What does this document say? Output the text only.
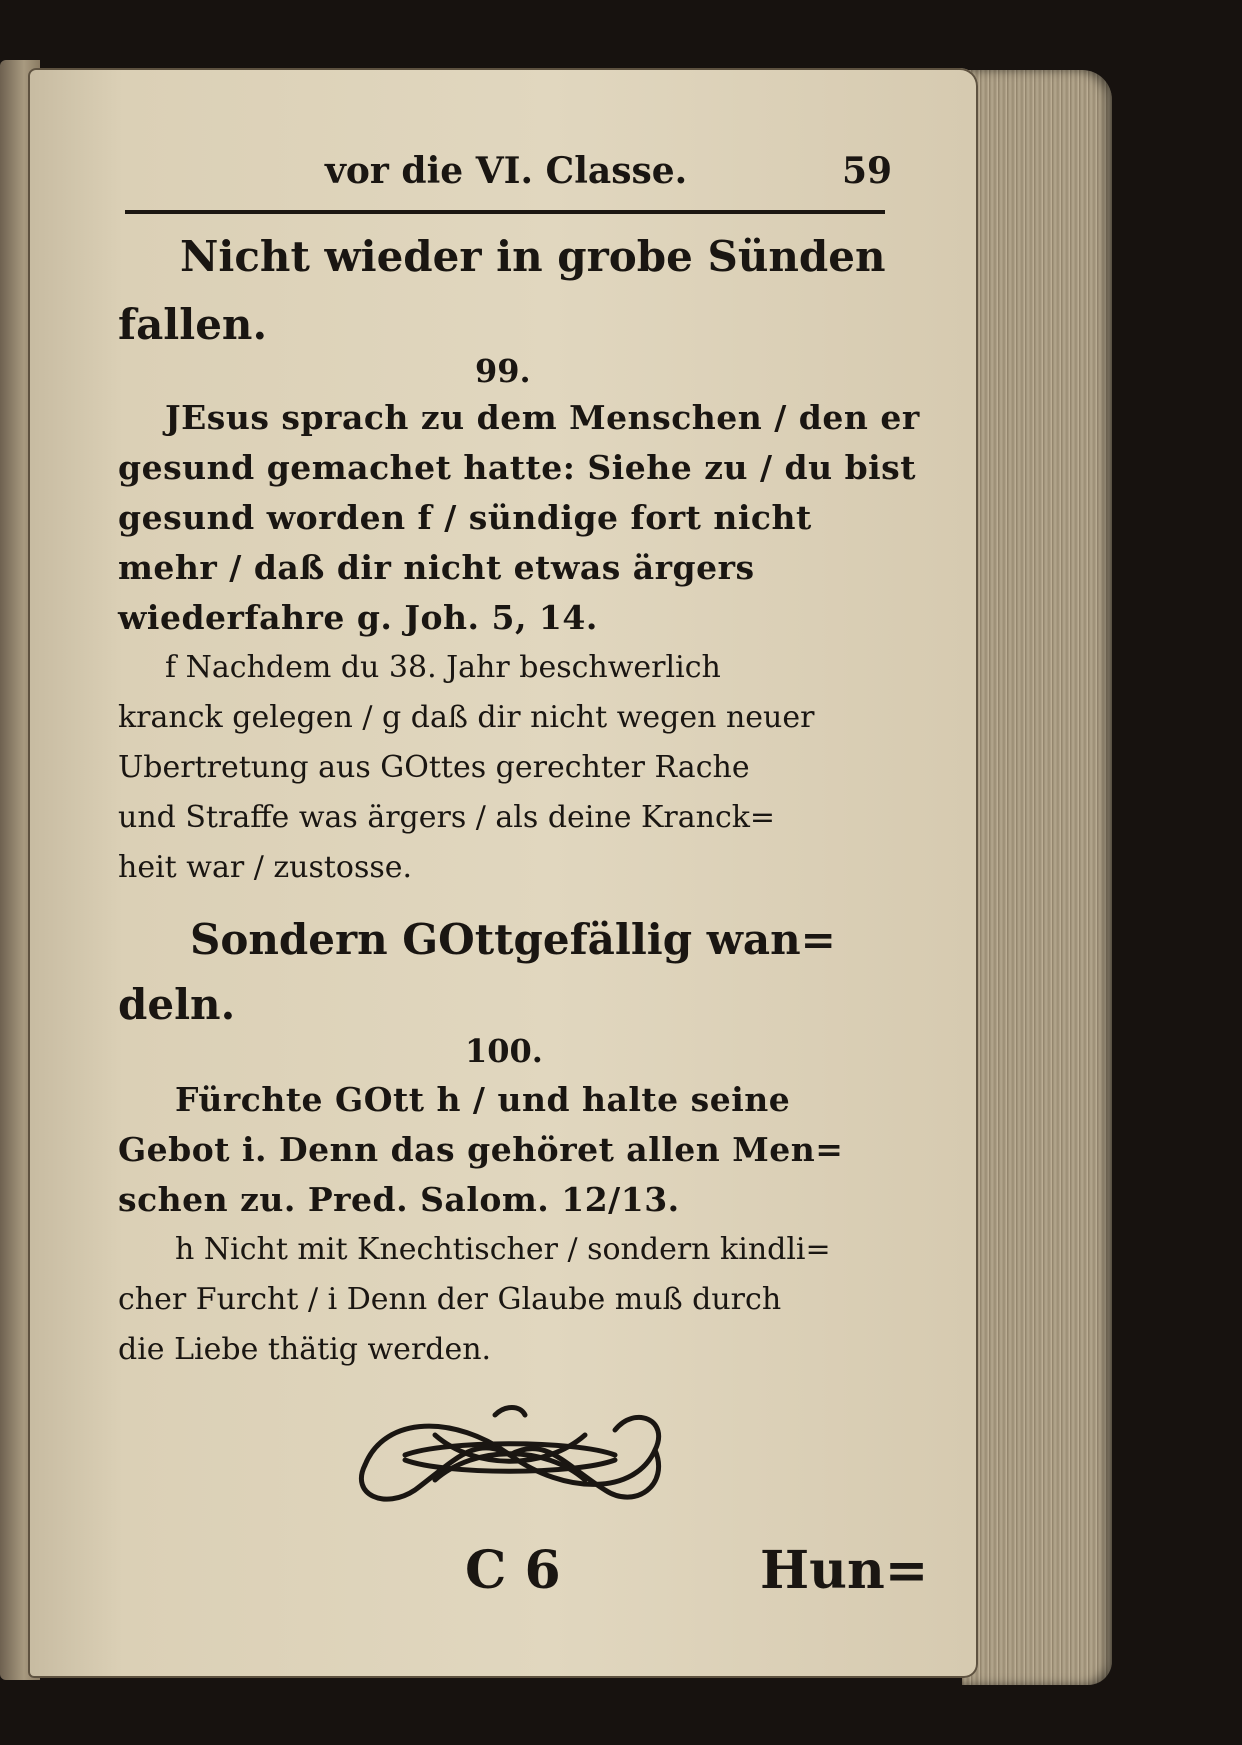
vor die VI. Classe.	59

Nicht wieder in grobe Sünden

fallen.

99.

JEsus sprach zu dem Menschen / den er

gesund gemachet hatte: Siehe zu / du bist

gesund worden f / sündige fort nicht

mehr / daß dir nicht etwas ärgers

wiederfahre g. Joh. 5, 14.

f Nachdem du 38. Jahr beschwerlich

kranck gelegen / g daß dir nicht wegen neuer

Ubertretung aus GOttes gerechter Rache

und Straffe was ärgers / als deine Kranck=

heit war / zustosse.

Sondern GOttgefällig wan=

deln.

100.

Fürchte GOtt h / und halte seine

Gebot i. Denn das gehöret allen Men=

schen zu. Pred. Salom. 12/13.

h Nicht mit Knechtischer / sondern kindli=

cher Furcht / i Denn der Glaube muß durch

die Liebe thätig werden.

C 6	Hun=
